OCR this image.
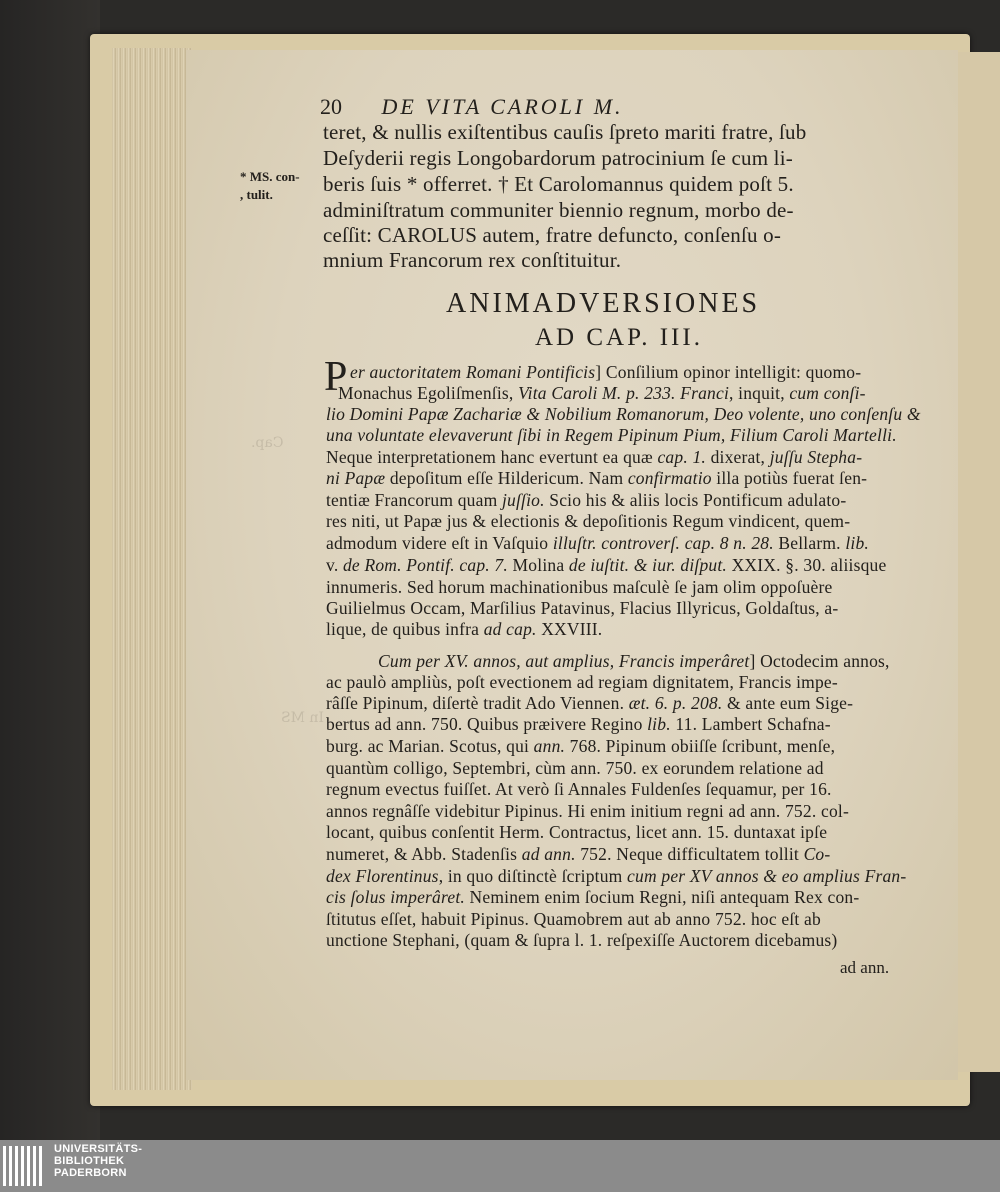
Cap.
In MS
20 DE VITA CAROLI M.
* MS. con-
, tulit.
teret, & nullis exiſtentibus cauſis ſpreto mariti fratre, ſub
Deſyderii regis Longobardorum patrocinium ſe cum li-
beris ſuis * offerret. † Et Carolomannus quidem poſt 5.
adminiſtratum communiter biennio regnum, morbo de-
ceſſit: CAROLUS autem, fratre defuncto, conſenſu o-
mnium Francorum rex conſtituitur.
ANIMADVERSIONES
AD CAP. III.
P er auctoritatem Romani Pontificis] Conſilium opinor intelligit: quomo-
Monachus Egoliſmenſis, Vita Caroli M. p. 233. Franci, inquit, cum conſi-
lio Domini Papæ Zachariæ & Nobilium Romanorum, Deo volente, uno conſenſu &
una voluntate elevaverunt ſibi in Regem Pipinum Pium, Filium Caroli Martelli.
Neque interpretationem hanc evertunt ea quæ cap. 1. dixerat, juſſu Stepha-
ni Papæ depoſitum eſſe Hildericum. Nam confirmatio illa potiùs fuerat ſen-
tentiæ Francorum quam juſſio. Scio his & aliis locis Pontificum adulato-
res niti, ut Papæ jus & electionis & depoſitionis Regum vindicent, quem-
admodum videre eſt in Vaſquio illuſtr. controverſ. cap. 8 n. 28. Bellarm. lib.
v. de Rom. Pontif. cap. 7. Molina de iuſtit. & iur. diſput. XXIX. §. 30. aliisque
innumeris. Sed horum machinationibus maſculè ſe jam olim oppoſuère
Guilielmus Occam, Marſilius Patavinus, Flacius Illyricus, Goldaſtus, a-
lique, de quibus infra ad cap. XXVIII.
Cum per XV. annos, aut amplius, Francis imperâret] Octodecim annos,
ac paulò ampliùs, poſt evectionem ad regiam dignitatem, Francis impe-
râſſe Pipinum, diſertè tradit Ado Viennen. æt. 6. p. 208. & ante eum Sige-
bertus ad ann. 750. Quibus præivere Regino lib. 11. Lambert Schafna-
burg. ac Marian. Scotus, qui ann. 768. Pipinum obiiſſe ſcribunt, menſe,
quantùm colligo, Septembri, cùm ann. 750. ex eorundem relatione ad
regnum evectus fuiſſet. At verò ſi Annales Fuldenſes ſequamur, per 16.
annos regnâſſe videbitur Pipinus. Hi enim initium regni ad ann. 752. col-
locant, quibus conſentit Herm. Contractus, licet ann. 15. duntaxat ipſe
numeret, & Abb. Stadenſis ad ann. 752. Neque difficultatem tollit Co-
dex Florentinus, in quo diſtinctè ſcriptum cum per XV annos & eo amplius Fran-
cis ſolus imperâret. Neminem enim ſocium Regni, niſi antequam Rex con-
ſtitutus eſſet, habuit Pipinus. Quamobrem aut ab anno 752. hoc eſt ab
unctione Stephani, (quam & ſupra l. 1. reſpexiſſe Auctorem dicebamus)
ad ann.
UNIVERSITÄTS-
BIBLIOTHEK
PADERBORN
